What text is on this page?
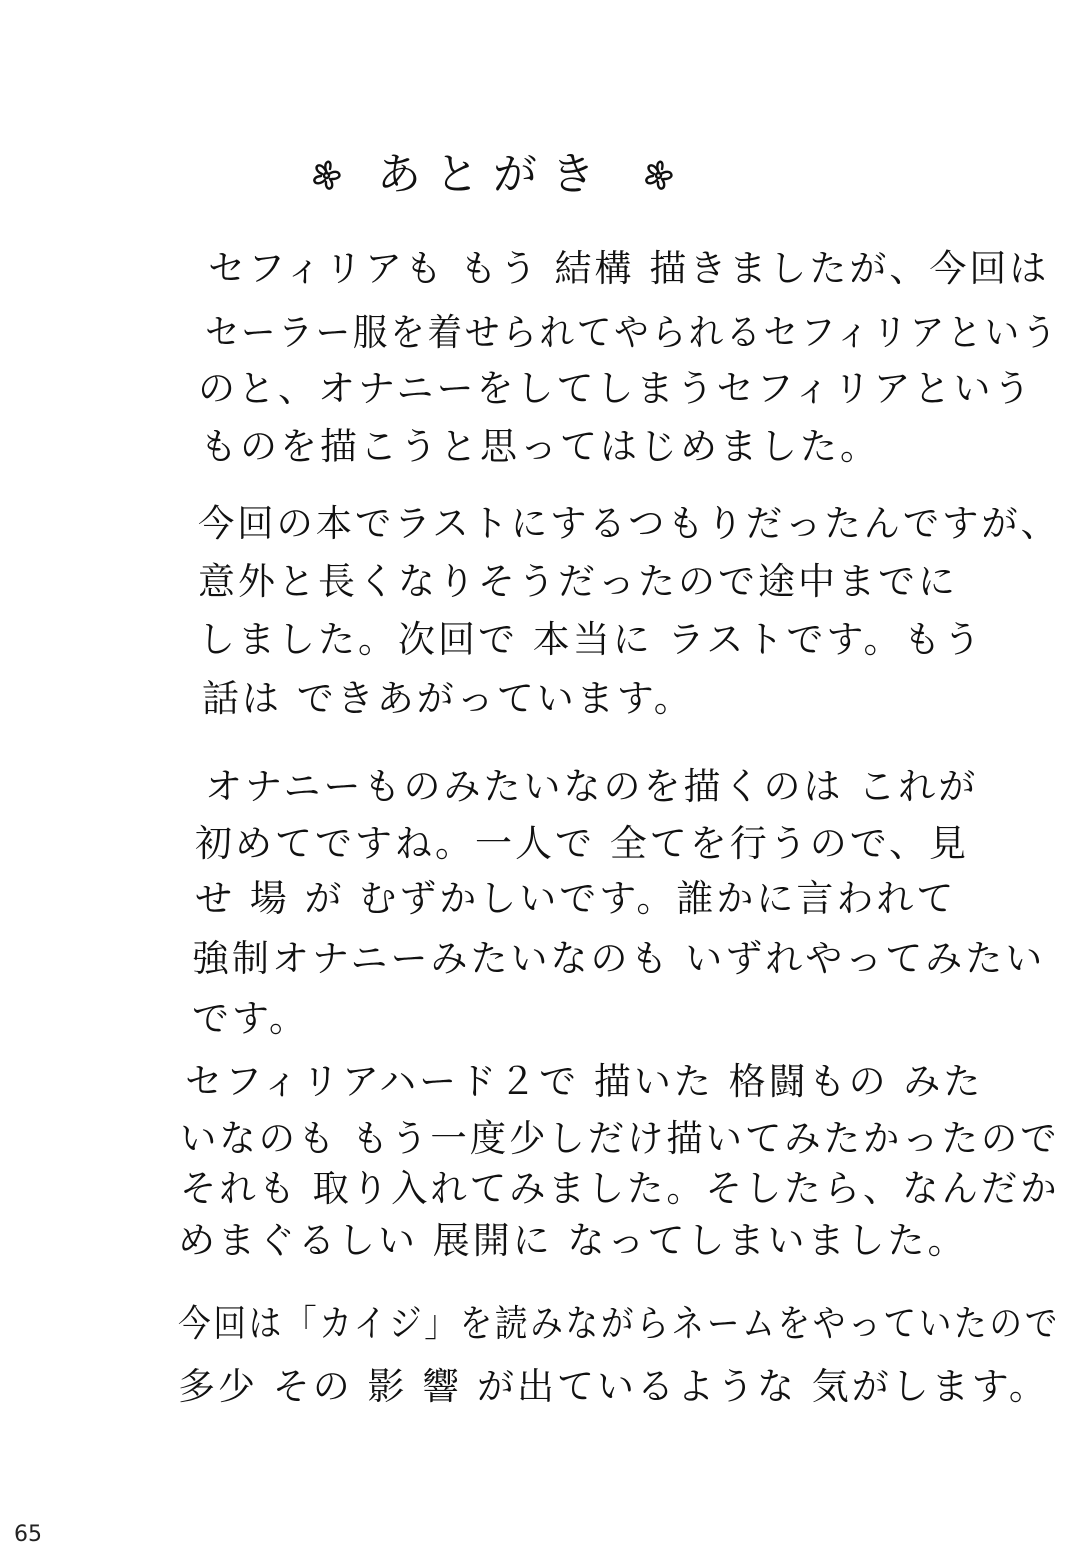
あとがき
セフィリアも もう 結構 描きましたが、今回は
セーラー服を着せられてやられるセフィリアという
のと、オナニーをしてしまうセフィリアという
ものを描こうと思ってはじめました。
今回の本でラストにするつもりだったんですが、
意外と長くなりそうだったので途中までに
しました。次回で 本当に ラストです。もう
話は できあがっています。
オナニーものみたいなのを描くのは これが
初めてですね。一人で 全てを行うので、見
せ 場 が むずかしいです。誰かに言われて
強制オナニーみたいなのも いずれやってみたい
です。
セフィリアハード２で 描いた 格闘もの みた
いなのも もう一度少しだけ描いてみたかったので
それも 取り入れてみました。そしたら、なんだか
めまぐるしい 展開に なってしまいました。
今回は「カイジ」を読みながらネームをやっていたので
多少 その 影 響 が出ているような 気がします。
65
